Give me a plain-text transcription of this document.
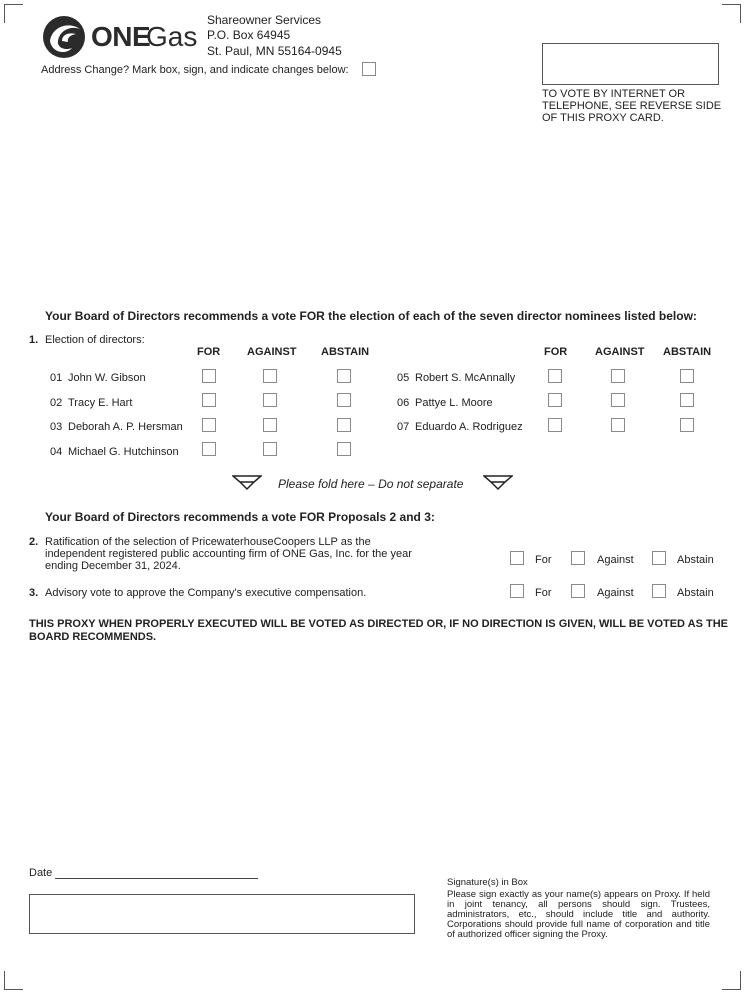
ONE
Gas
Shareowner Services
P.O. Box 64945
St. Paul, MN 55164-0945
Address Change? Mark box, sign, and indicate changes below:
TO VOTE BY INTERNET OR
TELEPHONE, SEE REVERSE SIDE
OF THIS PROXY CARD.
Your Board of Directors recommends a vote FOR the election of each of the seven director nominees listed below:
1. Election of directors:
FOR AGAINST ABSTAIN	FOR	AGAINST ABSTAIN
01 John W. Gibson
02 Tracy E. Hart
03 Deborah A. P. Hersman
04 Michael G. Hutchinson
05 Robert S. McAnnally
06 Pattye L. Moore
07 Eduardo A. Rodriguez
Please fold here – Do not separate
Your Board of Directors recommends a vote FOR Proposals 2 and 3:
2. Ratification of the selection of PricewaterhouseCoopers LLP as the
independent registered public accounting firm of ONE Gas, Inc. for the year
ending December 31, 2024.	For	Against	Abstain
3. Advisory vote to approve the Company's executive compensation.	For	Against	Abstain
THIS PROXY WHEN PROPERLY EXECUTED WILL BE VOTED AS DIRECTED OR, IF NO DIRECTION IS GIVEN, WILL BE VOTED AS THE
BOARD RECOMMENDS.
Date
Signature(s) in Box
Please sign exactly as your name(s) appears on Proxy. If held in joint tenancy, all persons should sign. Trustees, administrators, etc., should include title and authority. Corporations should provide full name of corporation and title of authorized officer signing the Proxy.
